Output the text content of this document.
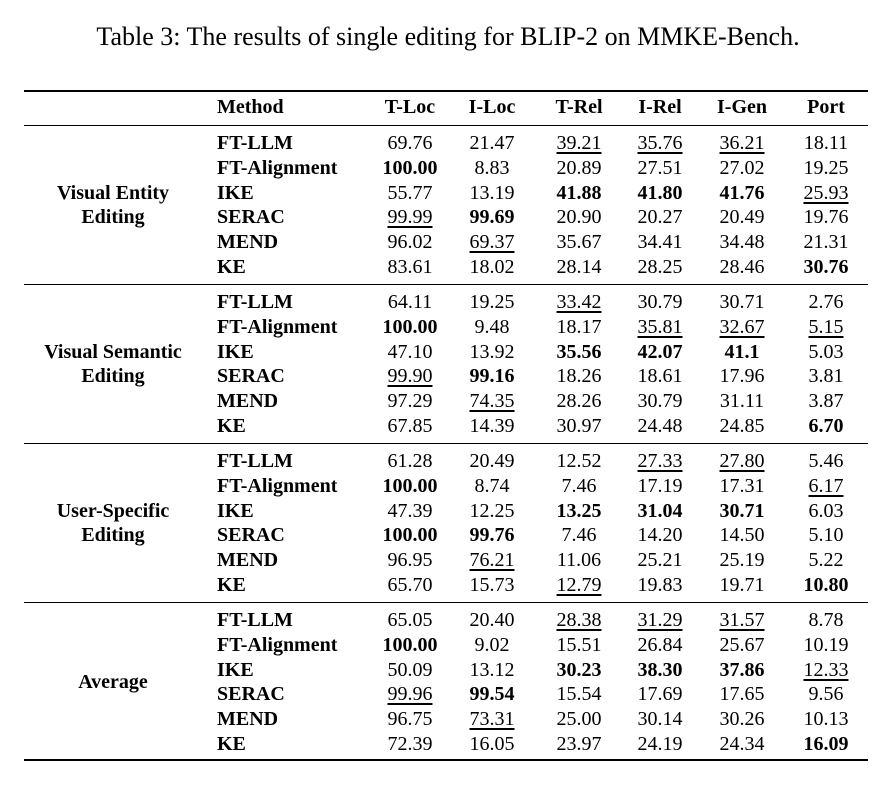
Table 3: The results of single editing for BLIP-2 on MMKE-Bench.
Method	T-Loc	I-Loc	T-Rel	I-Rel	I-Gen	Port
Visual Entity
Editing
FT-LLM	69.76	21.47	39.21	35.76	36.21	18.11
FT-Alignment	100.00	8.83	20.89	27.51	27.02	19.25
IKE	55.77	13.19	41.88	41.80	41.76	25.93
SERAC	99.99	99.69	20.90	20.27	20.49	19.76
MEND	96.02	69.37	35.67	34.41	34.48	21.31
KE	83.61	18.02	28.14	28.25	28.46	30.76
Visual Semantic
Editing
FT-LLM	64.11	19.25	33.42	30.79	30.71	2.76
FT-Alignment	100.00	9.48	18.17	35.81	32.67	5.15
IKE	47.10	13.92	35.56	42.07	41.1	5.03
SERAC	99.90	99.16	18.26	18.61	17.96	3.81
MEND	97.29	74.35	28.26	30.79	31.11	3.87
KE	67.85	14.39	30.97	24.48	24.85	6.70
User-Specific
Editing
FT-LLM	61.28	20.49	12.52	27.33	27.80	5.46
FT-Alignment	100.00	8.74	7.46	17.19	17.31	6.17
IKE	47.39	12.25	13.25	31.04	30.71	6.03
SERAC	100.00	99.76	7.46	14.20	14.50	5.10
MEND	96.95	76.21	11.06	25.21	25.19	5.22
KE	65.70	15.73	12.79	19.83	19.71	10.80
Average
FT-LLM	65.05	20.40	28.38	31.29	31.57	8.78
FT-Alignment	100.00	9.02	15.51	26.84	25.67	10.19
IKE	50.09	13.12	30.23	38.30	37.86	12.33
SERAC	99.96	99.54	15.54	17.69	17.65	9.56
MEND	96.75	73.31	25.00	30.14	30.26	10.13
KE	72.39	16.05	23.97	24.19	24.34	16.09
